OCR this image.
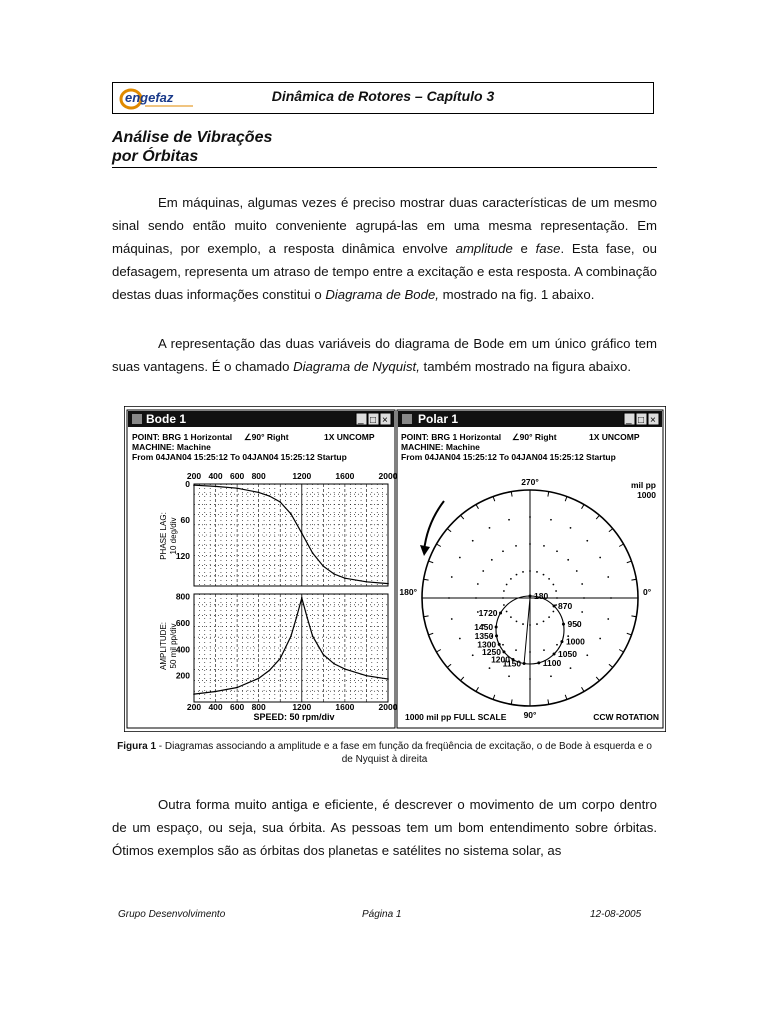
engefaz	Dinâmica de Rotores – Capítulo 3
Análise de Vibrações
por Órbitas

Em máquinas, algumas vezes é preciso mostrar duas características de um mesmo sinal sendo então muito conveniente agrupá-las em uma mesma representação. Em máquinas, por exemplo, a resposta dinâmica envolve amplitude e fase. Esta fase, ou defasagem, representa um atraso de tempo entre a excitação e esta resposta. A combinação destas duas informações constitui o Diagrama de Bode, mostrado na fig. 1 abaixo.

A representação das duas variáveis do diagrama de Bode em um único gráfico tem suas vantagens. É o chamado Diagrama de Nyquist, também mostrado na figura abaixo.

Bode 1	_ □ ×
POINT: BRG 1 Horizontal ∠90° Right	1X UNCOMP
MACHINE: Machine
From 04JAN04 15:25:12 To 04JAN04 15:25:12 Startup
PHASE LAG: 10 deg/div
AMPLITUDE: 50 mil pp/div
SPEED: 50 rpm/div
0
60
120
200 400 600 800	1200	1600	2000
200
400
600
800
200 400 600 800	1200	1600	2000
Polar 1	_ □ ×
POINT: BRG 1 Horizontal ∠90° Right	1X UNCOMP
MACHINE: Machine
From 04JAN04 15:25:12 To 04JAN04 15:25:12 Startup
mil pp
1000
1000 mil pp FULL SCALE	CCW ROTATION
270°
180°	0°
90°
1720
1450
1350
1300
1250
1200
1150	1100
1050
1000
950
870
180
Figura 1 - Diagramas associando a amplitude e a fase em função da freqüência de excitação, o de Bode à esquerda e o de Nyquist à direita

Outra forma muito antiga e eficiente, é descrever o movimento de um corpo dentro de um espaço, ou seja, sua órbita. As pessoas tem um bom entendimento sobre órbitas. Ótimos exemplos são as órbitas dos planetas e satélites no sistema solar, as

Grupo Desenvolvimento	Página 1	12-08-2005
